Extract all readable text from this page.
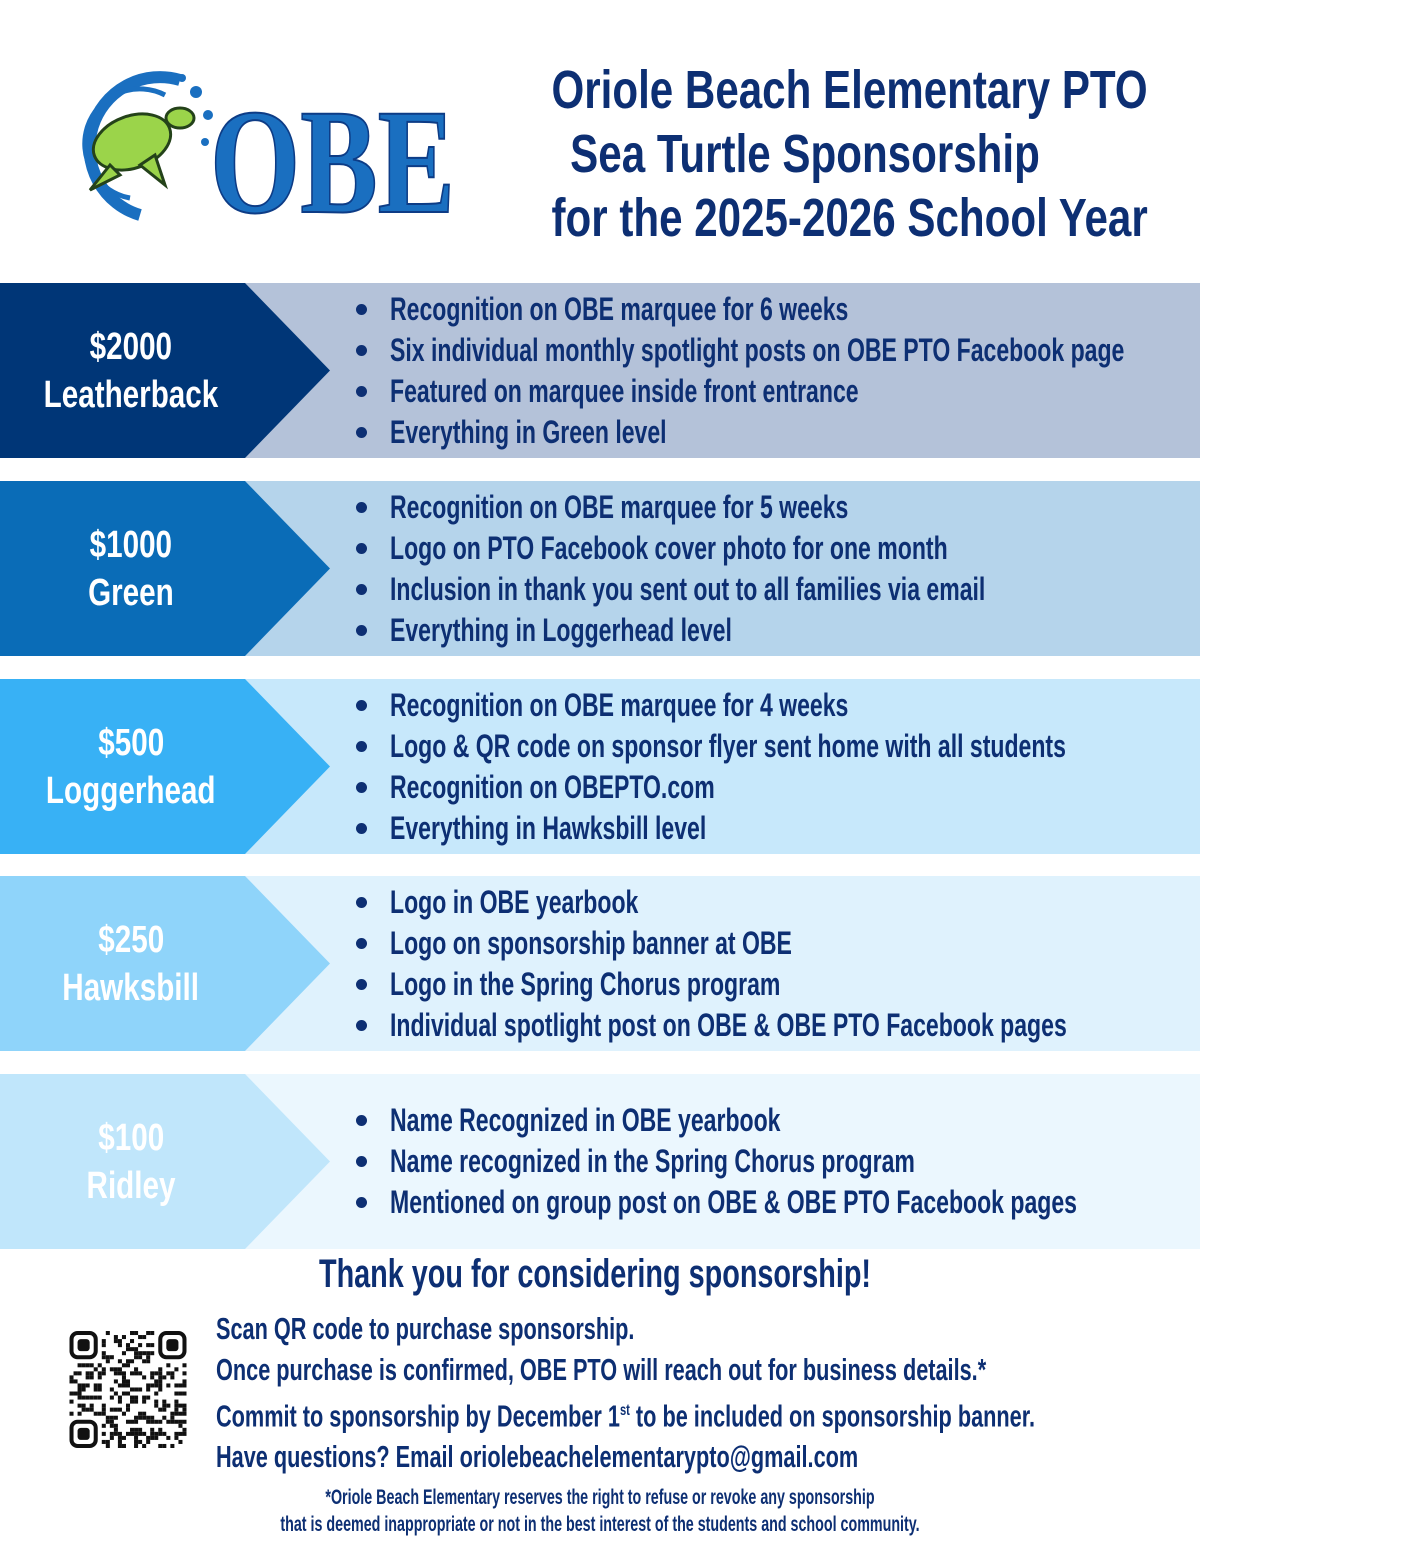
OBE Oriole Beach Elementary PTO
Sea Turtle Sponsorship
for the 2025-2026 School Year
$2000
Leatherback
Recognition on OBE marquee for 6 weeks
Six individual monthly spotlight posts on OBE PTO Facebook page
Featured on marquee inside front entrance
Everything in Green level
$1000
Green
Recognition on OBE marquee for 5 weeks
Logo on PTO Facebook cover photo for one month
Inclusion in thank you sent out to all families via email
Everything in Loggerhead level
$500
Loggerhead
Recognition on OBE marquee for 4 weeks
Logo & QR code on sponsor flyer sent home with all students
Recognition on OBEPTO.com
Everything in Hawksbill level
$250
Hawksbill
Logo in OBE yearbook
Logo on sponsorship banner at OBE
Logo in the Spring Chorus program
Individual spotlight post on OBE & OBE PTO Facebook pages
$100
Ridley
Name Recognized in OBE yearbook
Name recognized in the Spring Chorus program
Mentioned on group post on OBE & OBE PTO Facebook pages
Thank you for considering sponsorship!
Scan QR code to purchase sponsorship.
Once purchase is confirmed, OBE PTO will reach out for business details.*
Commit to sponsorship by December 1st to be included on sponsorship banner.
Have questions? Email oriolebeachelementarypto@gmail.com
*Oriole Beach Elementary reserves the right to refuse or revoke any sponsorship
that is deemed inappropriate or not in the best interest of the students and school community.
